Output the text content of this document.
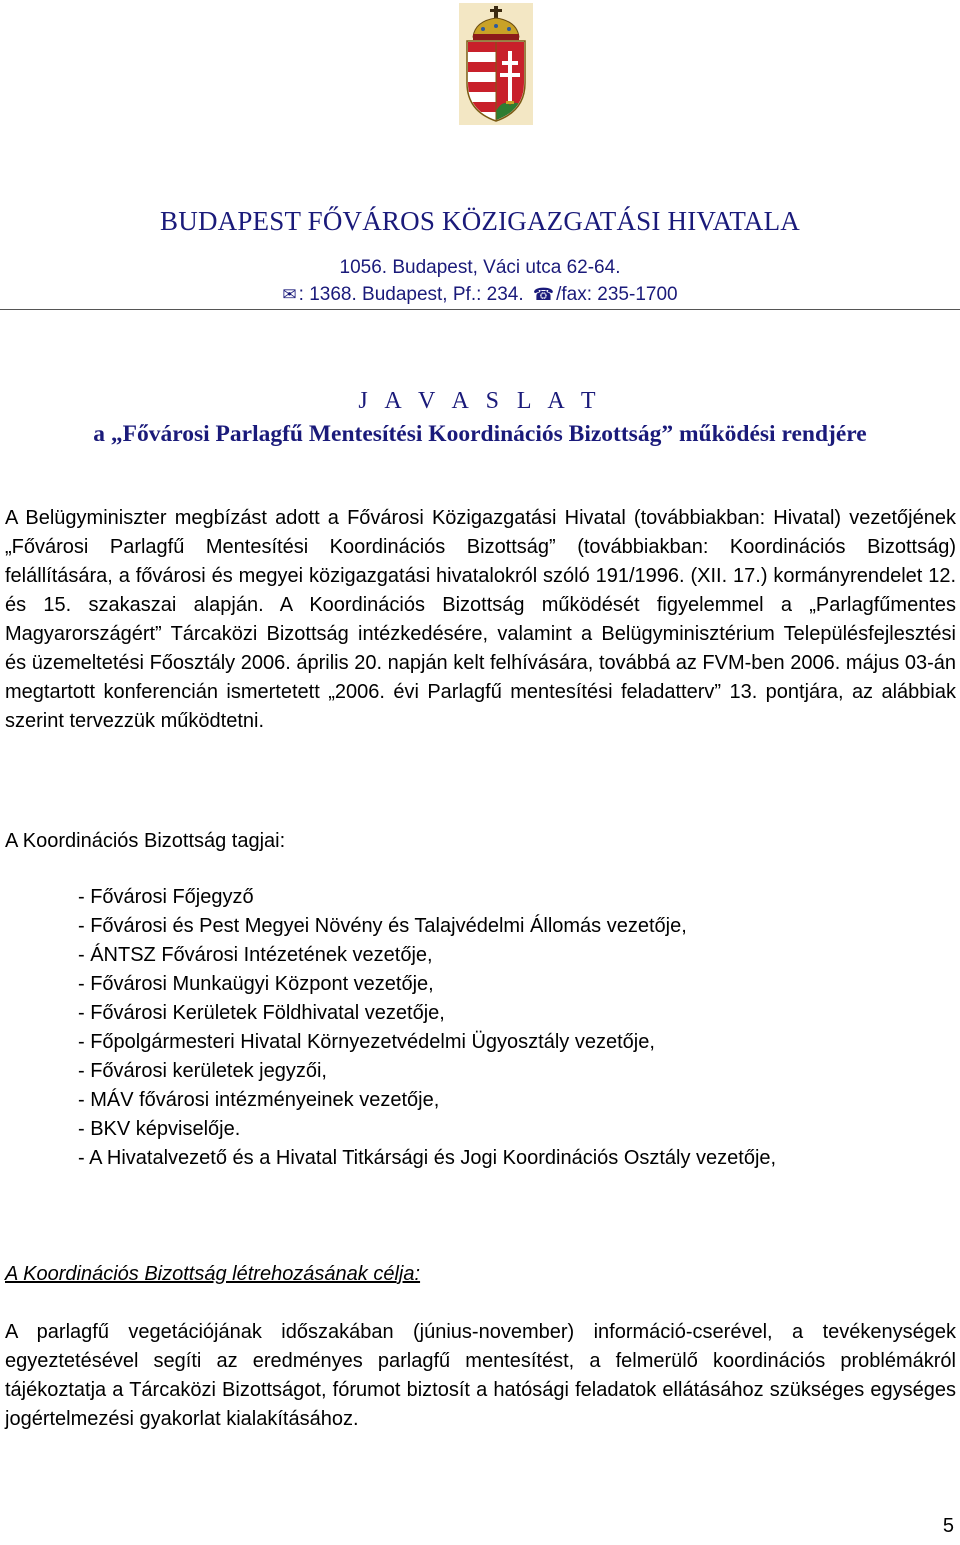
BUDAPEST FŐVÁROS KÖZIGAZGATÁSI HIVATALA
1056. Budapest, Váci utca 62-64.
✉ : 1368. Budapest, Pf.: 234. ☎ /fax: 235-1700
J A V A S L A T
a „Fővárosi Parlagfű Mentesítési Koordinációs Bizottság” működési rendjére
A Belügyminiszter megbízást adott a Fővárosi Közigazgatási Hivatal (továbbiakban: Hivatal) vezetőjének „Fővárosi Parlagfű Mentesítési Koordinációs Bizottság” (továbbiakban: Koordinációs Bizottság) felállítására, a fővárosi és megyei közigazgatási hivatalokról szóló 191/1996. (XII. 17.) kormányrendelet 12. és 15. szakaszai alapján. A Koordinációs Bizottság működését figyelemmel a „Parlagfűmentes Magyarországért” Tárcaközi Bizottság intézkedésére, valamint a Belügyminisztérium Településfejlesztési és üzemeltetési Főosztály 2006. április 20. napján kelt felhívására, továbbá az FVM-ben 2006. május 03-án megtartott konferencián ismertetett „2006. évi Parlagfű mentesítési feladatterv” 13. pontjára, az alábbiak szerint tervezzük működtetni.
A Koordinációs Bizottság tagjai:
- Fővárosi Főjegyző
- Fővárosi és Pest Megyei Növény és Talajvédelmi Állomás vezetője,
- ÁNTSZ Fővárosi Intézetének vezetője,
- Fővárosi Munkaügyi Központ vezetője,
- Fővárosi Kerületek Földhivatal vezetője,
- Főpolgármesteri Hivatal Környezetvédelmi Ügyosztály vezetője,
- Fővárosi kerületek jegyzői,
- MÁV fővárosi intézményeinek vezetője,
- BKV képviselője.
- A Hivatalvezető és a Hivatal Titkársági és Jogi Koordinációs Osztály vezetője,
A Koordinációs Bizottság létrehozásának célja:
A parlagfű vegetációjának időszakában (június-november) információ-cserével, a tevékenységek egyeztetésével segíti az eredményes parlagfű mentesítést, a felmerülő koordinációs problémákról tájékoztatja a Tárcaközi Bizottságot, fórumot biztosít a hatósági feladatok ellátásához szükséges egységes jogértelmezési gyakorlat kialakításához.
5
